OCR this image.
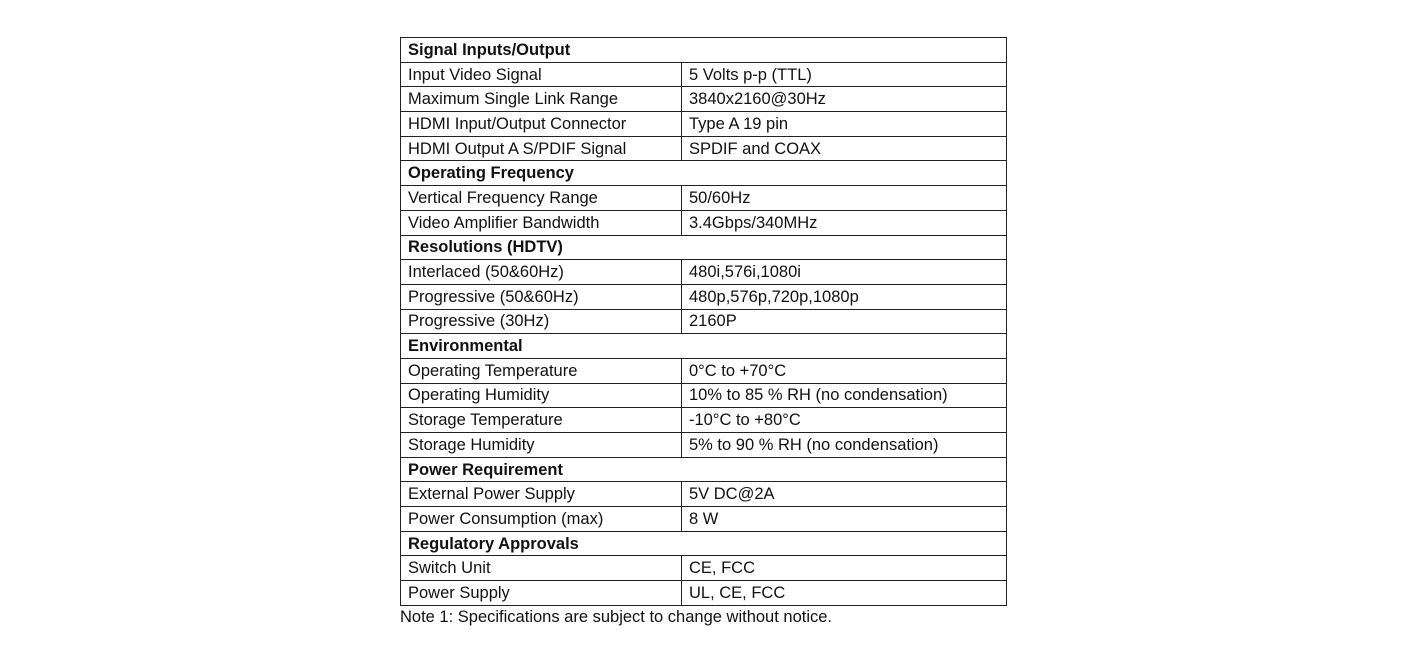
Signal Inputs/Output	
Input Video Signal	5 Volts p-p (TTL)
Maximum Single Link Range	3840x2160@30Hz
HDMI Input/Output Connector	Type A 19 pin
HDMI Output A S/PDIF Signal	SPDIF and COAX
Operating Frequency	
Vertical Frequency Range	50/60Hz
Video Amplifier Bandwidth	3.4Gbps/340MHz
Resolutions (HDTV)	
Interlaced (50&60Hz)	480i,576i,1080i
Progressive (50&60Hz)	480p,576p,720p,1080p
Progressive (30Hz)	2160P
Environmental	
Operating Temperature	0°C to +70°C
Operating Humidity	10% to 85 % RH (no condensation)
Storage Temperature	-10°C to +80°C
Storage Humidity	5% to 90 % RH (no condensation)
Power Requirement	
External Power Supply	5V DC@2A
Power Consumption (max)	8 W
Regulatory Approvals	
Switch Unit	CE, FCC
Power Supply	UL, CE, FCC
Note 1: Specifications are subject to change without notice.
